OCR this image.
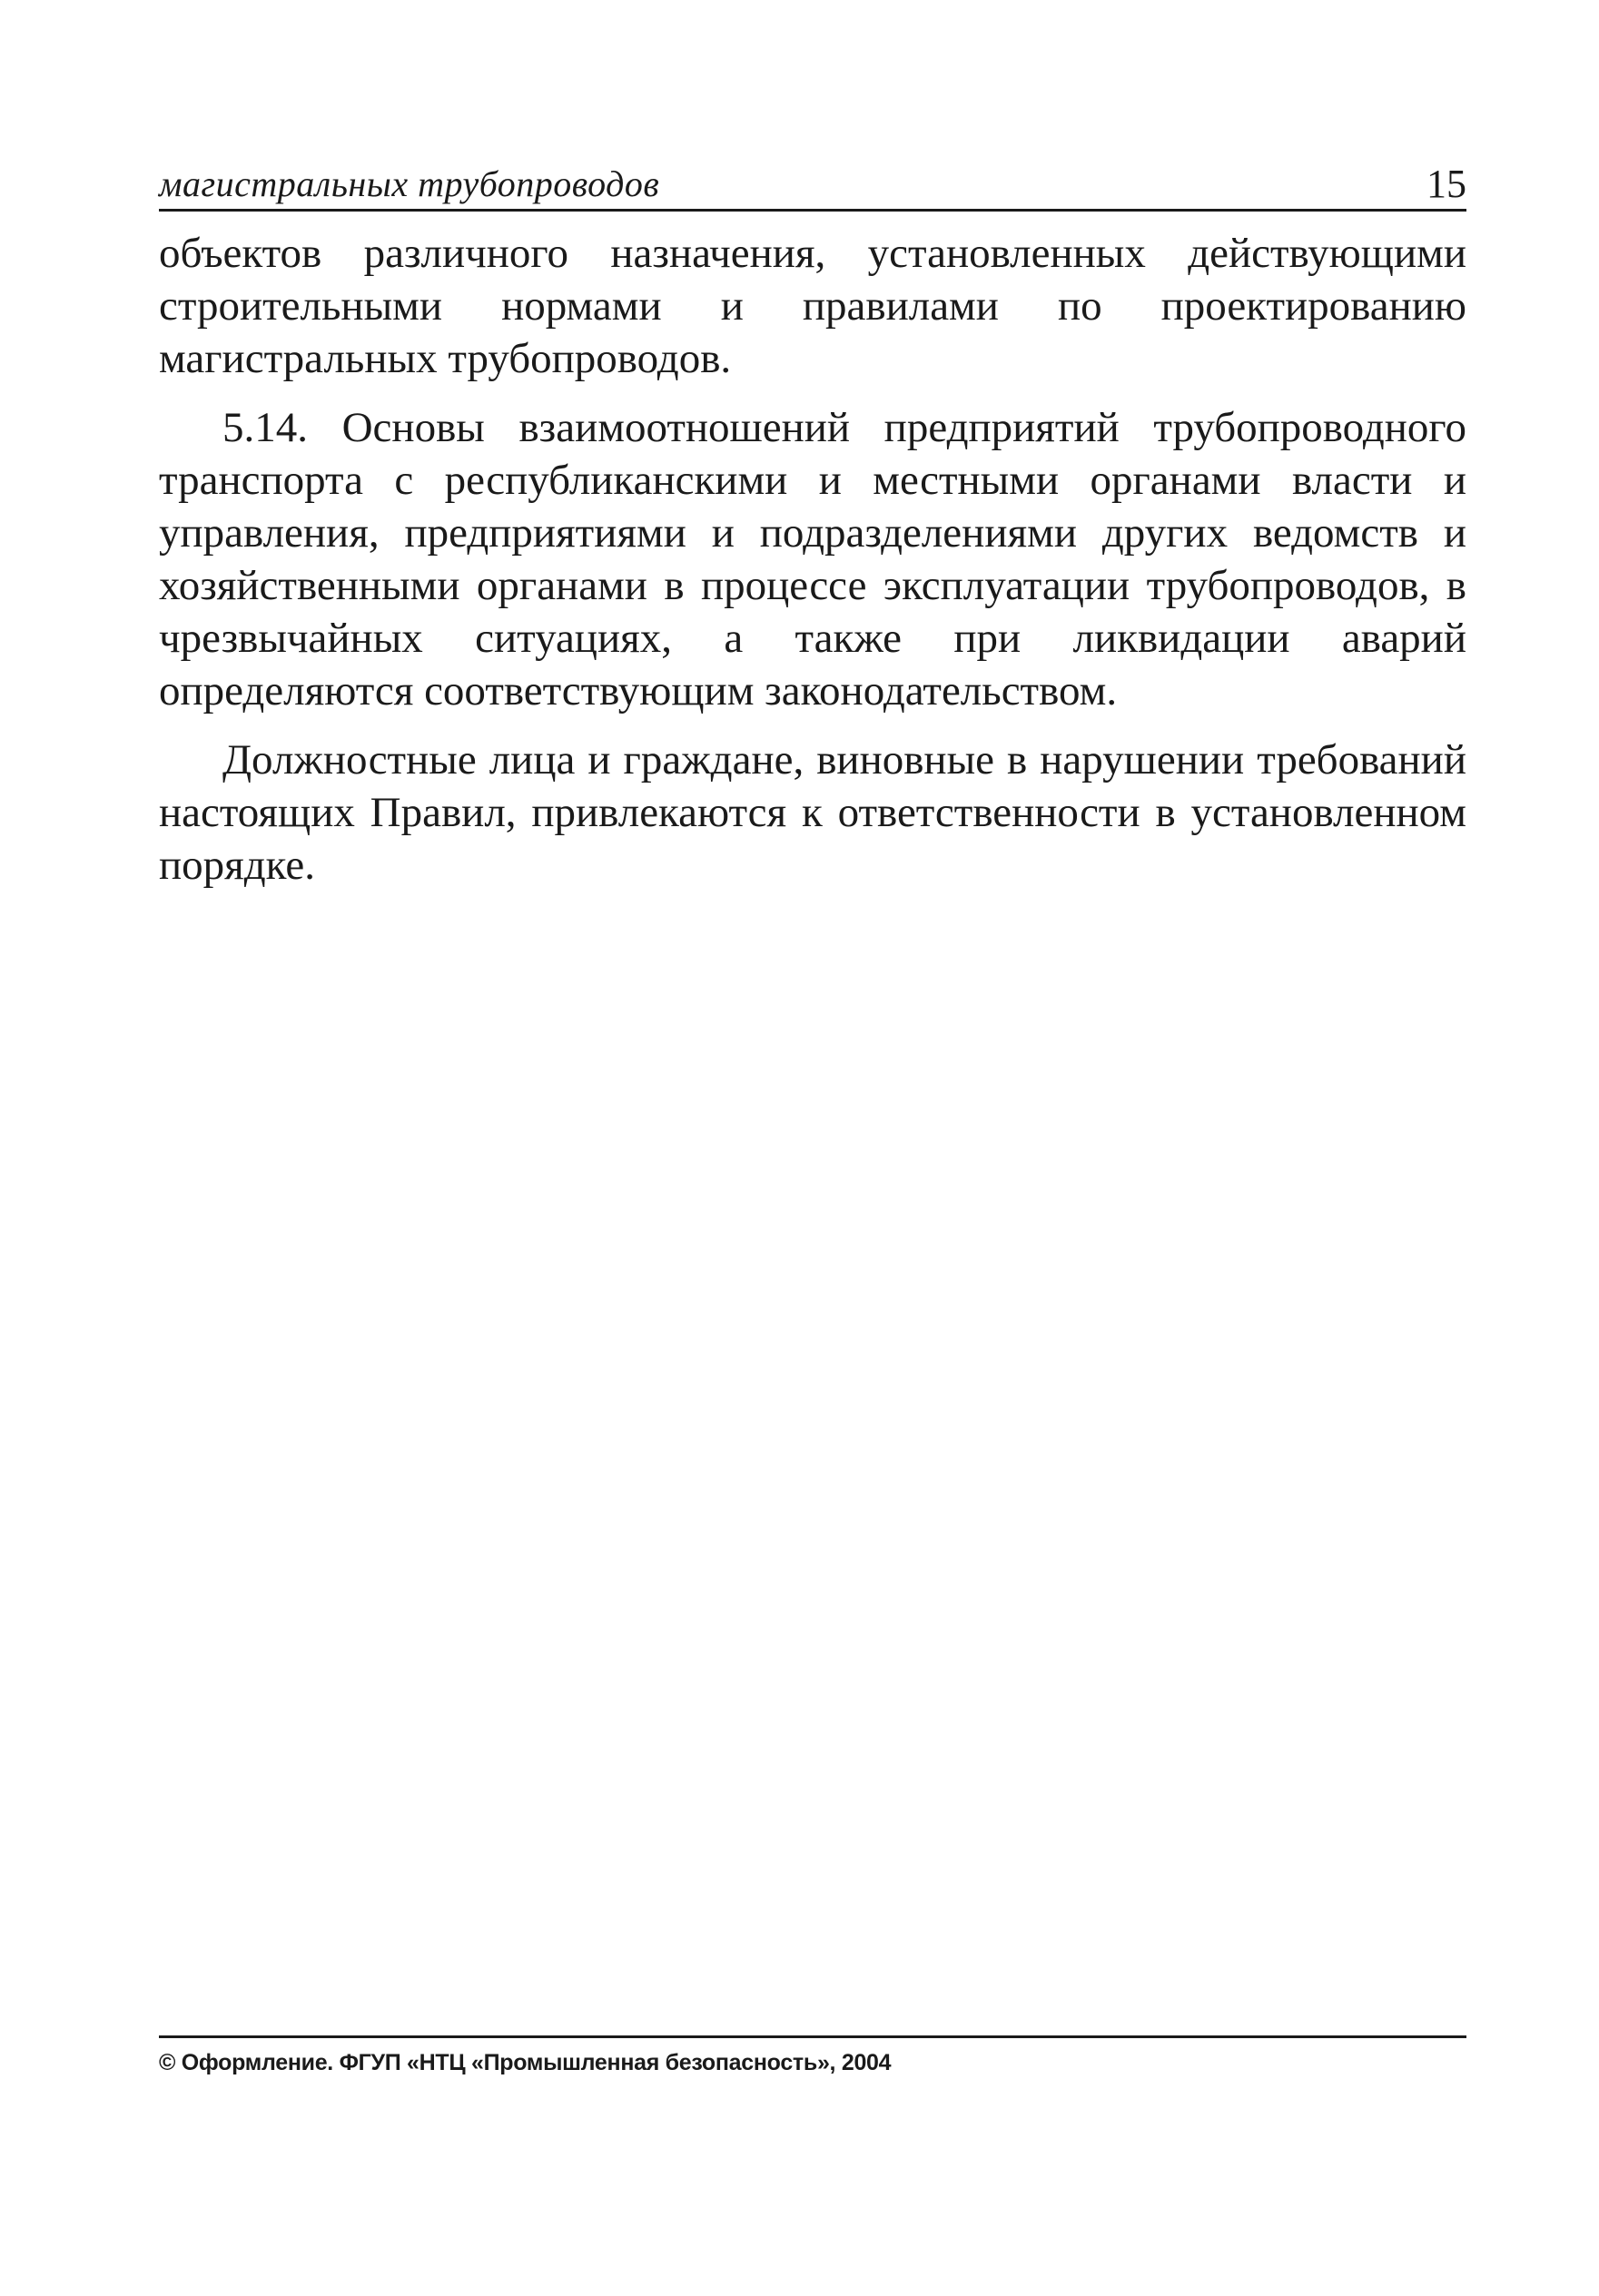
магистральных трубопроводов	15

объектов различного назначения, установленных действующими строительными нормами и правилами по проектированию магистральных трубопроводов.

5.14. Основы взаимоотношений предприятий трубопроводного транспорта с республиканскими и местными органами власти и управления, предприятиями и подразделениями других ведомств и хозяйственными органами в процессе эксплуатации трубопроводов, в чрезвычайных ситуациях, а также при ликвидации аварий определяются соответствующим законодательством.

Должностные лица и граждане, виновные в нарушении требований настоящих Правил, привлекаются к ответственности в установленном порядке.

© Оформление. ФГУП «НТЦ «Промышленная безопасность», 2004
